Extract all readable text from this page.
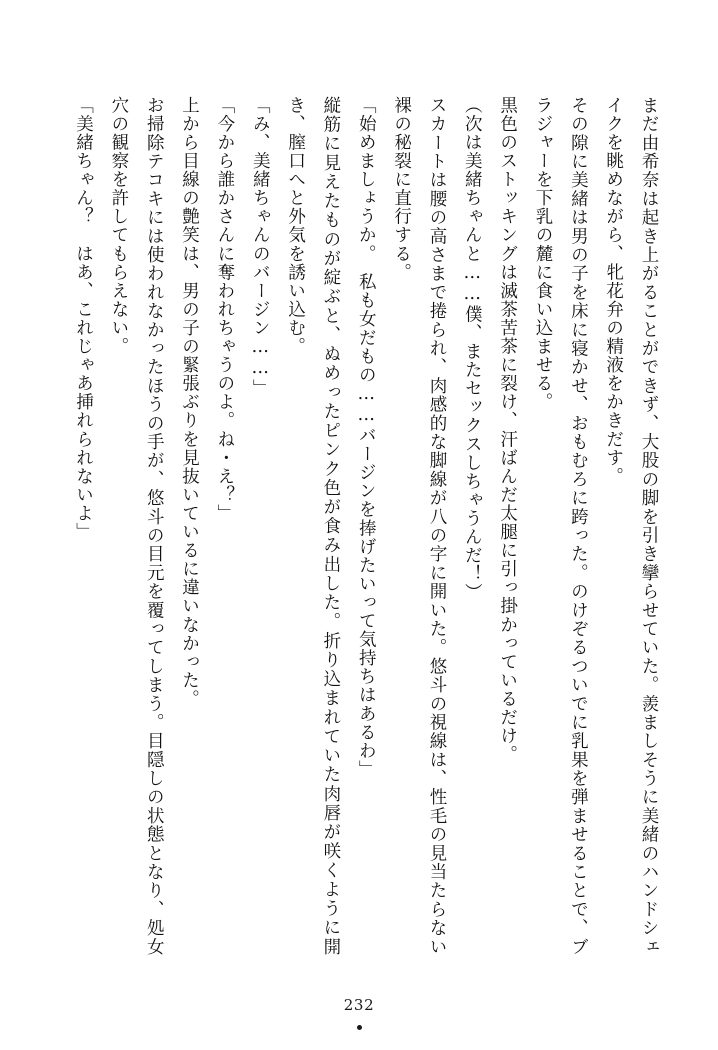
まだ由希奈は起き上がることができず、大股の脚を引き攣らせていた。羨ましそうに美緒のハンドシェイクを眺めながら、牝花弁の精液をかきだす。

その隙に美緒は男の子を床に寝かせ、おもむろに跨った。のけぞるついでに乳果を弾ませることで、ブラジャーを下乳の麓に食い込ませる。

黒色のストッキングは滅茶苦茶に裂け、汗ばんだ太腿に引っ掛かっているだけ。

（次は美緒ちゃんと……僕、またセックスしちゃうんだ！）

スカートは腰の高さまで捲られ、肉感的な脚線が八の字に開いた。悠斗の視線は、性毛の見当たらない裸の秘裂に直行する。

「始めましょうか。　私も女だもの……バージンを捧げたいって気持ちはあるわ」

縦筋に見えたものが綻ぶと、ぬめったピンク色が食み出した。折り込まれていた肉唇が咲くように開き、膣口へと外気を誘い込む。

「み、美緒ちゃんのバージン……」

「今から誰かさんに奪われちゃうのよ。ね・え？」

上から目線の艶笑は、男の子の緊張ぶりを見抜いているに違いなかった。

お掃除テコキには使われなかったほうの手が、悠斗の目元を覆ってしまう。目隠しの状態となり、処女穴の観察を許してもらえない。

「美緒ちゃん？　はあ、これじゃあ挿れられないよ」

232
